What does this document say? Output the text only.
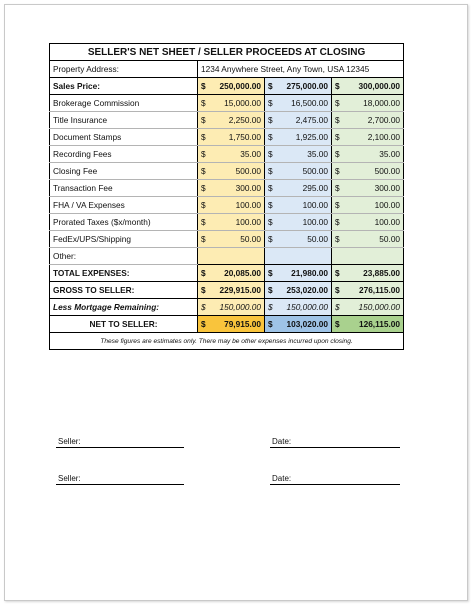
SELLER'S NET SHEET / SELLER PROCEEDS AT CLOSING			
Property Address:	1234 Anywhere Street, Any Town, USA 12345		
Sales Price:	$ 250,000.00	$ 275,000.00	$ 300,000.00

Brokerage Commission	$ 15,000.00	$ 16,500.00	$ 18,000.00

Title Insurance	$ 2,250.00	$ 2,475.00	$ 2,700.00

Document Stamps	$ 1,750.00	$ 1,925.00	$ 2,100.00

Recording Fees	$ 35.00	$ 35.00	$ 35.00

Closing Fee	$ 500.00	$ 500.00	$ 500.00

Transaction Fee	$ 300.00	$ 295.00	$ 300.00

FHA / VA Expenses	$ 100.00	$ 100.00	$ 100.00

Prorated Taxes ($x/month)	$ 100.00	$ 100.00	$ 100.00

FedEx/UPS/Shipping	$ 50.00	$ 50.00	$ 50.00

Other:			
TOTAL EXPENSES:	$ 20,085.00	$ 21,980.00	$ 23,885.00

GROSS TO SELLER:	$ 229,915.00	$ 253,020.00	$ 276,115.00

Less Mortgage Remaining:	$ 150,000.00	$ 150,000.00	$ 150,000.00

NET TO SELLER:	$ 79,915.00	$ 103,020.00	$ 126,115.00

These figures are estimates only. There may be other expenses incurred upon closing.			
Seller:	Date:
Seller:	Date:
